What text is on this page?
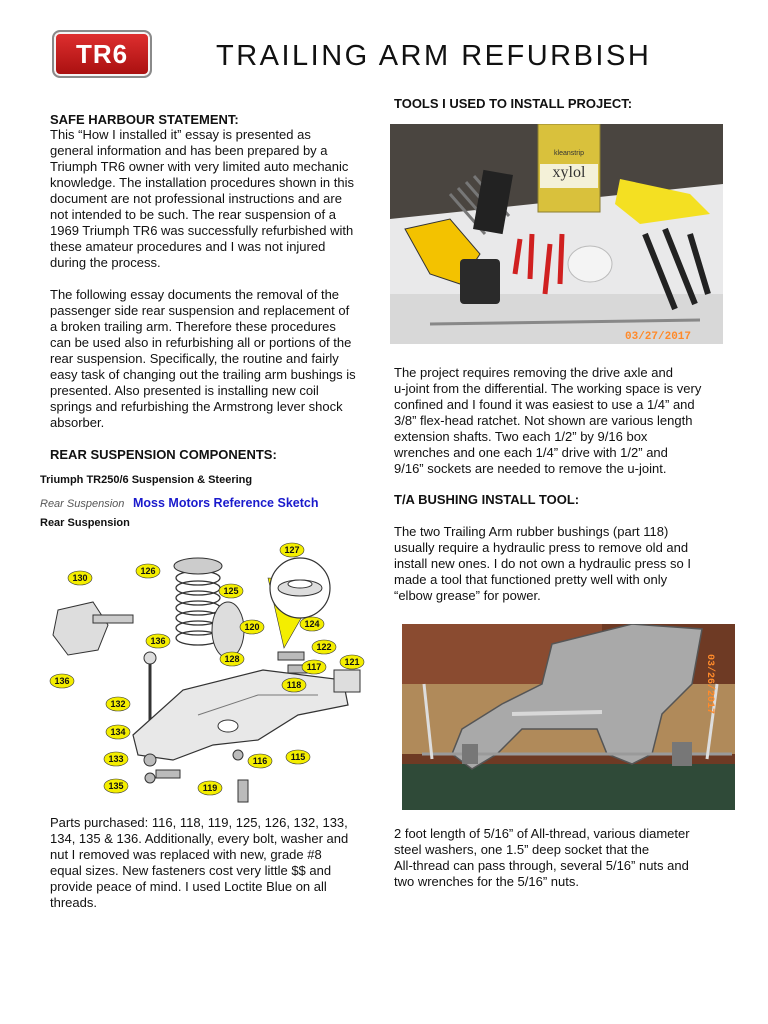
TR6	TRAILING ARM REFURBISH
SAFE HARBOUR STATEMENT:
This “How I installed it” essay is presented as
general information and has been prepared by a
Triumph TR6 owner with very limited auto mechanic
knowledge. The installation procedures shown in this
document are not professional instructions and are
not intended to be such. The rear suspension of a
1969 Triumph TR6 was successfully refurbished with
these amateur procedures and I was not injured
during the process.
The following essay documents the removal of the
passenger side rear suspension and replacement of
a broken trailing arm. Therefore these procedures
can be used also in refurbishing all or portions of the
rear suspension. Specifically, the routine and fairly
easy task of changing out the trailing arm bushings is
presented. Also presented is installing new coil
springs and refurbishing the Armstrong lever shock
absorber.
REAR SUSPENSION COMPONENTS:
Triumph TR250/6 Suspension & Steering
Rear Suspension Moss Motors Reference Sketch
Rear Suspension
127
126
130
125
120	124
136
122
128
117	121
118
136
132
134
133	116	115
135	119
Parts purchased: 116, 118, 119, 125, 126, 132, 133,
134, 135 & 136. Additionally, every bolt, washer and
nut I removed was replaced with new, grade #8
equal sizes. New fasteners cost very little $$ and
provide peace of mind. I used Loctite Blue on all
threads.
TOOLS I USED TO INSTALL PROJECT:
03/27/2017
xylol
kleanstrip
The project requires removing the drive axle and
u-joint from the differential. The working space is very
confined and I found it was easiest to use a 1/4” and
3/8” flex-head ratchet. Not shown are various length
extension shafts. Two each 1/2” by 9/16 box
wrenches and one each 1/4” drive with 1/2” and
9/16” sockets are needed to remove the u-joint.
T/A BUSHING INSTALL TOOL:
The two Trailing Arm rubber bushings (part 118)
usually require a hydraulic press to remove old and
install new ones. I do not own a hydraulic press so I
made a tool that functioned pretty well with only
“elbow grease” for power.
03/26/2017
2 foot length of 5/16” of All-thread, various diameter
steel washers, one 1.5” deep socket that the
All-thread can pass through, several 5/16” nuts and
two wrenches for the 5/16” nuts.
